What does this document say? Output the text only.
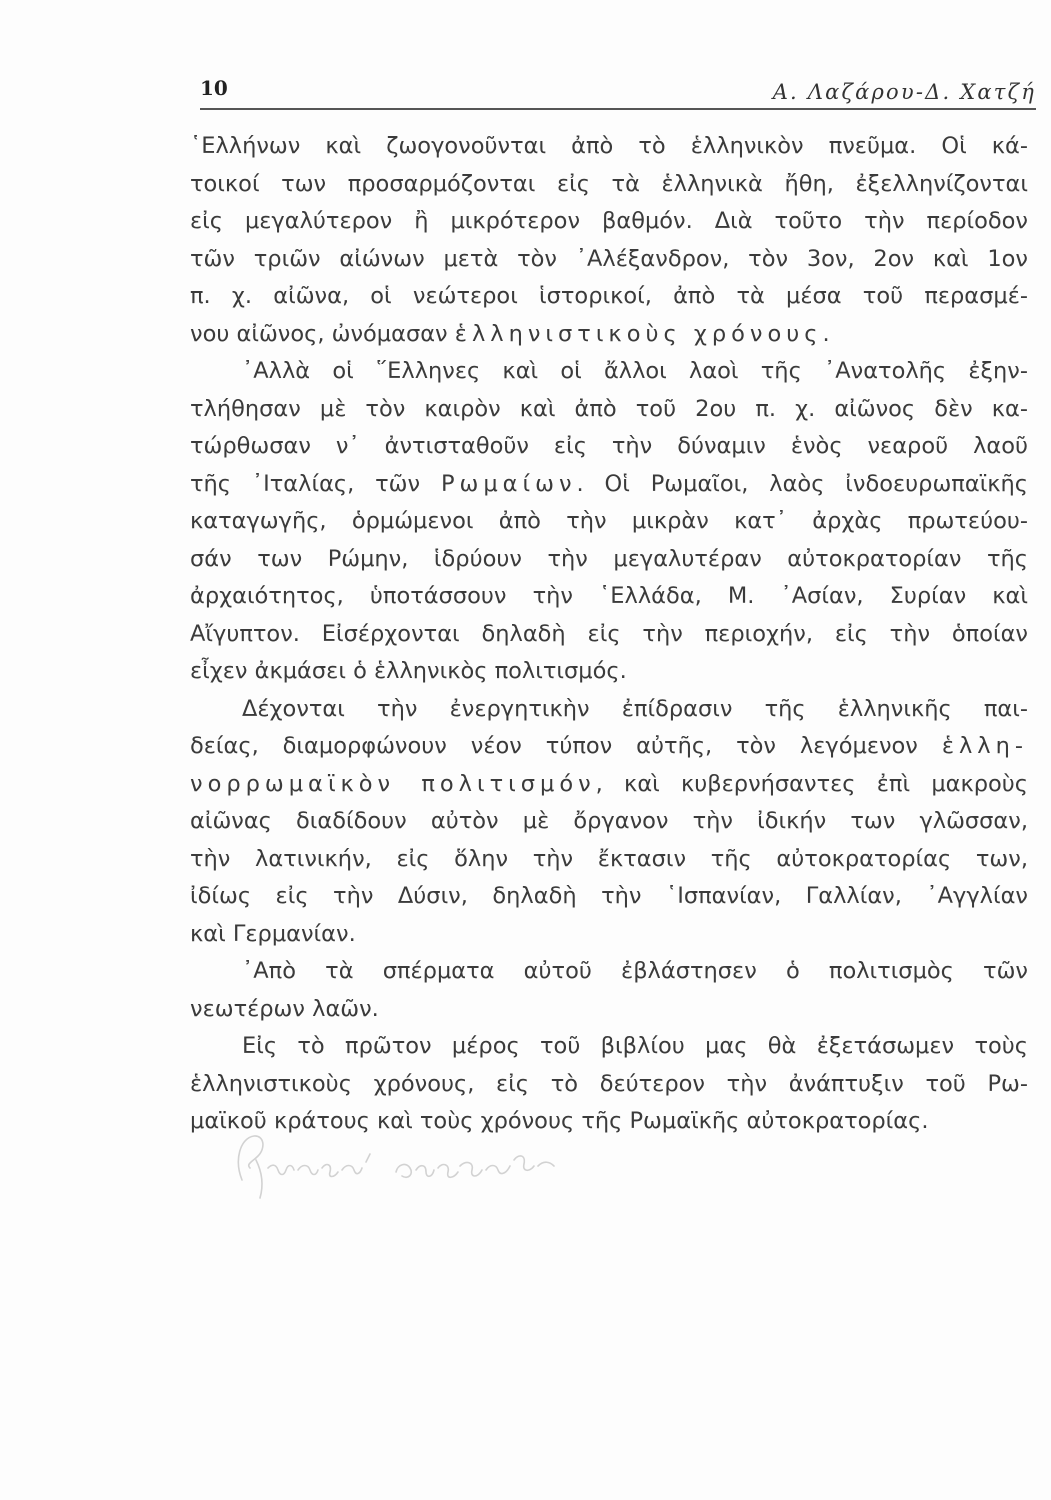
10	Α. Λαζάρου-Δ. Χατζή
῾Ελλήνων καὶ ζωογονοῦνται ἀπὸ τὸ ἑλληνικὸν πνεῦμα. Οἱ κά-
τοικοί των προσαρμόζονται εἰς τὰ ἑλληνικὰ ἤθη, ἐξελληνίζονται
εἰς μεγαλύτερον ἢ μικρότερον βαθμόν. Διὰ τοῦτο τὴν περίοδον
τῶν τριῶν αἰώνων μετὰ τὸν ᾿Αλέξανδρον, τὸν 3ον, 2ον καὶ 1ον
π. χ. αἰῶνα, οἱ νεώτεροι ἱστορικοί, ἀπὸ τὰ μέσα τοῦ περασμέ-
νου αἰῶνος, ὠνόμασαν ἑλληνιστικοὺς χρόνους.
᾿Αλλὰ οἱ ῞Ελληνες καὶ οἱ ἄλλοι λαοὶ τῆς ᾿Ανατολῆς ἐξην-
τλήθησαν μὲ τὸν καιρὸν καὶ ἀπὸ τοῦ 2ου π. χ. αἰῶνος δὲν κα-
τώρθωσαν ν᾿ ἀντισταθοῦν εἰς τὴν δύναμιν ἑνὸς νεαροῦ λαοῦ
τῆς ᾿Ιταλίας, τῶν Ρωμαίων. Οἱ Ρωμαῖοι, λαὸς ἰνδοευρωπαϊκῆς
καταγωγῆς, ὁρμώμενοι ἀπὸ τὴν μικρὰν κατ᾿ ἀρχὰς πρωτεύου-
σάν των Ρώμην, ἱδρύουν τὴν μεγαλυτέραν αὐτοκρατορίαν τῆς
ἀρχαιότητος, ὑποτάσσουν τὴν ῾Ελλάδα, Μ. ᾿Ασίαν, Συρίαν καὶ
Αἴγυπτον. Εἰσέρχονται δηλαδὴ εἰς τὴν περιοχήν, εἰς τὴν ὁποίαν
εἶχεν ἀκμάσει ὁ ἑλληνικὸς πολιτισμός.
Δέχονται τὴν ἐνεργητικὴν ἐπίδρασιν τῆς ἑλληνικῆς παι-
δείας, διαμορφώνουν νέον τύπον αὐτῆς, τὸν λεγόμενον ἑλλη-
νορρωμαϊκὸν πολιτισμόν, καὶ κυβερνήσαντες ἐπὶ μακροὺς
αἰῶνας διαδίδουν αὐτὸν μὲ ὄργανον τὴν ἰδικήν των γλῶσσαν,
τὴν λατινικήν, εἰς ὅλην τὴν ἔκτασιν τῆς αὐτοκρατορίας των,
ἰδίως εἰς τὴν Δύσιν, δηλαδὴ τὴν ῾Ισπανίαν, Γαλλίαν, ᾿Αγγλίαν
καὶ Γερμανίαν.
᾿Απὸ τὰ σπέρματα αὐτοῦ ἐβλάστησεν ὁ πολιτισμὸς τῶν
νεωτέρων λαῶν.
Εἰς τὸ πρῶτον μέρος τοῦ βιβλίου μας θὰ ἐξετάσωμεν τοὺς
ἑλληνιστικοὺς χρόνους, εἰς τὸ δεύτερον τὴν ἀνάπτυξιν τοῦ Ρω-
μαϊκοῦ κράτους καὶ τοὺς χρόνους τῆς Ρωμαϊκῆς αὐτοκρατορίας.
